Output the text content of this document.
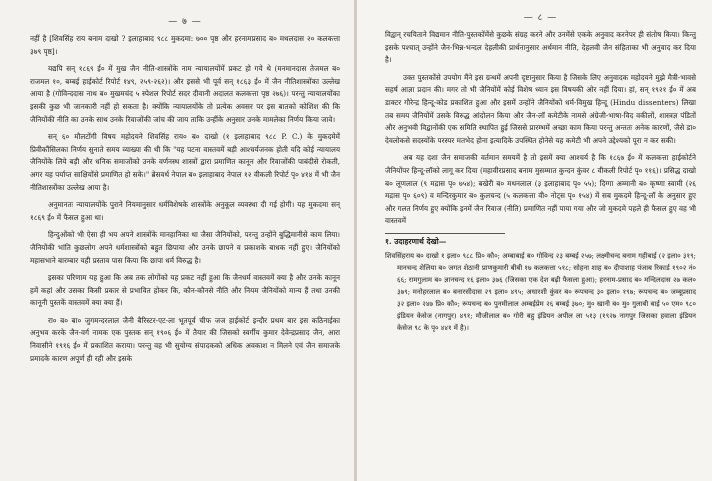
— ७ —

नहीं है [शिवसिंह राय बनाम दाखो ? इलाहाबाद ९८८ मुकदमा: ७०० पृष्ठ और हरनामप्रसाद ब० मथलदास २० कलकत्ता ३७९ पृष्ठ]।

यद्यपि सन् १८६९ ई० में मुख जैन नीति-शास्त्रोंके नाम न्यायालयोंमें प्रकट हो गये थे (मनमानदास तेजमल ब० राजमल १०, बम्बई हाईकोर्ट रिपोर्ट १४९, २५९-२६२)। और इससे भी पूर्व सन् १८६३ ई० में जैन नीतिशास्त्रोंका उल्लेख आया है (गोविन्ददास नाथ ब० मुखमचंद ५ स्पेशल रिपोर्ट सदर दीवानी अदालत कलकत्ता पृष्ठ २७६)। परन्तु न्यायालयोंका इसकी कुछ भी जानकारी नहीं हो सकता है। क्योंकि न्यायालयोंके तो प्रत्येक अवसर पर इस बातको कोशिश की कि जैनियोंकी नीति का उनके साथ उनके रिवाजोंकी जांच की जाय ताकि उन्हींके अनुसार उनके मामलेका निर्णय किया जावे।

सन् ६० मौलटोंगी विषय महोदयने शिवसिंह राय० ब० दाखो (१ इलाहाबाद ९८८ P. C.) के मुकदमेमें प्रिवीकौंसिलका निर्णय सुनाते समय व्याख्या की थी कि "यह पटना वास्तवमें बड़ी आश्चर्यजनक होती यदि कोई न्यायालय जैनियोंके लिये बड़ी और धनिक समाजोंको उनके वर्णनस्थ शास्त्रों द्वारा प्रमाणित कानून और रिवाजोंकी पाबंदीसे रोकती, अगर यह पर्याप्त साक्षियोंसे प्रमाणित हो सके।" ब्रेसवर्थ नेपाल ब० इलाहाबाद नेपाल १२ वीकली रिपोर्ट पृ० ४१४ में भी जैन नीतिशास्त्रोंका उल्लेख आया है।

अनुमानतः न्यायालयोंके पुराने नियमानुसार धर्मविशेषके शास्त्रोंके अनुकूल व्यवस्था दी गई होगी। यह मुकदमा सन् १८६९ ई० में फैसल हुआ था।

हिन्दुओंको भी ऐसा ही भय अपने शास्त्रोंके मानहानिका था जैसा जैनियोंको, परन्तु उन्होंने बुद्धिमानीसे काम लिया। जैनियोंकी भांति कुछलोग अपने धर्मशास्त्रोंको बहुत छिपाया और उनके छापने व प्रकाशके बाधक नहीं हुए। जैनियोंको महासभाने बारम्बार यही प्रस्ताव पास किया कि छापा धर्म विरुद्ध है।

इसका परिणाम यह हुआ कि अब तक लोगोंको यह प्रकट नहीं हुआ कि जैनधर्म वास्तवमें क्या है और उनके कानून हमें कहां और उसका किसी प्रकार से प्रभावित होकर कि, कौन-कौनसे नीति और नियम जैनियोंको मान्य हैं तथा उनकी कानूनी पुस्तकें वास्तवमें क्या क्या हैं।

रा० ब० बा० जुगमन्दरलाल जैनी बैरिस्टर-एट-ला भूतपूर्व चीफ जज हाईकोर्ट इन्दौर प्रथम बार इस कठिनाईका अनुभव करके जैन-वर्ग नामक एक पुस्तक सन् १९०६ ई० में तैयार की जिसको स्वर्गीय कुमार देवेन्द्रप्रसाद जैन, आरा निवासीने १९१६ ई० में प्रकाशित कराया। परन्तु वह भी सुयोग्य संपादकको अधिक अवकाश न मिलने एवं जैन समाजके प्रमादके कारण अपूर्ण ही रही और इसके

— ८ —

विद्वान् रचयिताने विद्यमान नीति-पुस्तकोंमेंसे कुछके संग्रह करने और उनमेंसे एकके अनुवाद करनेपर ही संतोष किया। किन्तु इसके पश्चात् उन्होंने जैन-भिन्न-भन्दल देहलीकी प्रार्थनानुसार अर्थमान नीति, देहलवी जैन संहिताका भी अनुवाद कर दिया है।

उक्त पुस्तकोंसे उपयोग मैंने इस ग्रन्थमें अपनी दृष्टानुसार किया है जिसके लिए अनुवादक महोदयने मुझे मैत्री-भावसे सहर्ष आज्ञा प्रदान की। मगर तो भी जैनियोंमें कोई विशेष ध्यान इस विषयकी ओर नहीं दिया। हां, सन् १९२१ ई० में अब डाक्टर गौरेन्द्र हिन्दू-कोड प्रकाशित हुआ और इसमें उन्होंने जैनियोंको धर्म-विमुख हिन्दू (Hindu dissenters) लिखा तब समय जैनियोंमें उसके विरुद्ध आंदोलन किया और जैन-लॉ कमेटीके नामसे अंग्रेजी-भाषा-विद वकीलों, शास्त्रज्ञ पंडितों और अनुभवी विद्वानोंकी एक समिति स्थापित हुई जिससे प्रारम्भमें अच्छा काम किया परन्तु अन्ततः अनेक कारणों, जैसे डा० देवलोकसे सदस्योंके परस्पर मतभेद होना इत्यादिके उपस्थित होनेसे यह कमेटी भी अपने उद्देश्यको पूरा न कर सकी।

अब यह दशा जैन समाजकी वर्तमान समयमें है तो इसमें क्या आश्चर्य है कि १८६७ ई० में कलकत्ता हाईकोर्टने जैनियोंपर हिन्दू-लॉको लागू कर दिया (महावीरप्रसाद बनाम मुसम्मात कुन्दन कुंवर ८ वीकली रिपोर्ट पृ० ११६)। प्रसिद्ध दाखो ब० लूणलाल (९ मद्रास पृ० ७५४); बखेरी ब० मथनलाल (३ इलाहाबाद पृ० ५५); दिग्गा अम्मानी ब० कृष्णा स्वामी (२६ मद्रास पृ० ६०९) व मन्दिरकुमार ब० कुलचन्द (५ कलकत्ता वी० नोट्स पृ० १५४) में सब मुकदमे हिन्दू-लॉ के अनुसार हुए और गलत निर्णय हुए क्योंकि इनमें जैन रिवाज (नीति) प्रमाणित नहीं पाया गया और जो मुकदमे पहले ही फैसल हुए वह भी वास्तवमें

१. उदाहरणार्थ देखो—

शिवसिंहराय ब० दाखो १ इला० ९८८ प्रि० कौ०; अम्बाबाई ब० गोविन्द २३ बम्बई २५७; लक्ष्मीचन्द बनाम गहीबाई (२ इला० ३१९; मानचन्द शेलिया ब० जगत शेठानी प्राणकुमारी बीबी १७ कलकत्ता ५१८; सोहना शाह ब० दीपाशाह पंजाब रिकार्ड १९०२ नं० ६६; रामगुलाम ब० ज्ञानचन्द १६ इला० ३७६ (जिसका एक देश बढ़ी फैसला हुआ); हरनाम-प्रसाद ब० मन्दिलदास २७ कल० ३७९; मनोहरलाल ब० बनारसीदास २९ इला० ४९५; अधारशी कुंवर ब० रूपचन्द ३० इला० १९७; रूपचन्द ब० जम्बूप्रसाद ३२ इला० २४७ प्रि० कौ०; रूपचन्द ब० पुनमीलाल अम्बईप्रेम २६ बम्बई ३७०; मु० खानी ब० मु० गुलाबी बाई ५० एम० ९८० इंडियन केसेज (नागपुर) ४९१; मौजीलाल ब० गोरी बहु इंडियन अपील ला ५१३ (१९२७ नागपुर जिसका हवाला इंडियन केसेज ९८ के पृ० ४४१ में है)।
